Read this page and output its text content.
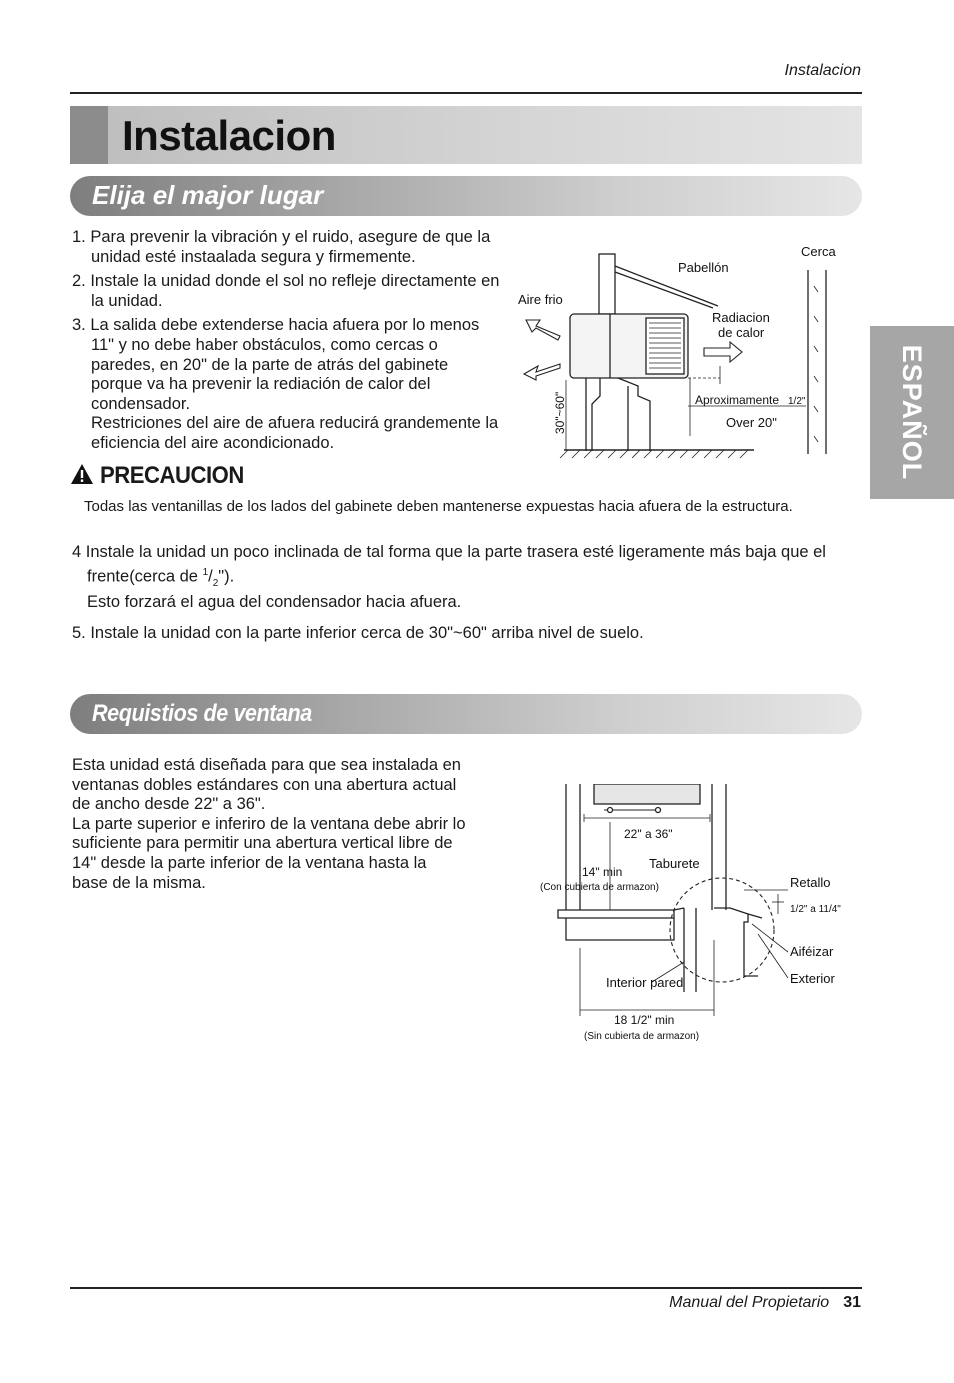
Instalacion
Instalacion
ESPAÑOL
Elija el major lugar
1. Para prevenir la vibración y el ruido, asegure de que la unidad esté instaalada segura y firmemente.
2. Instale la unidad donde el sol no refleje directamente en la unidad.
3. La salida debe extenderse hacia afuera por lo menos 11" y no debe haber obstáculos, como cercas o paredes, en 20" de la parte de atrás del gabinete porque va ha prevenir la rediación de calor del condensador.
Restriciones del aire de afuera reducirá grandemente la eficiencia del aire acondicionado.
Cerca
Pabellón
Aire frio
Radiacion
de calor
Aproximamente 1/2"
Over 20"
30"~60"
PRECAUCION
Todas las ventanillas de los lados del gabinete deben mantenerse expuestas hacia afuera de la estructura.
4 Instale la unidad un poco inclinada de tal forma que la parte trasera esté ligeramente más baja que el frente(cerca de $^1/_2$").
Esto forzará el agua del condensador hacia afuera.
5. Instale la unidad con la parte inferior cerca de 30"~60" arriba nivel de suelo.
Requistios de ventana
Esta unidad está diseñada para que sea instalada en
ventanas dobles estándares con una abertura actual
de ancho desde 22" a 36".
La parte superior e inferiro de la ventana debe abrir lo
suficiente para permitir una abertura vertical libre de
14" desde la parte inferior de la ventana hasta la
base de la misma.
22" a 36"
14" min
(Con cubierta de armazon)
Taburete
Retallo
1/2" a 11/4"
Aiféizar
Exterior
Interior pared
18 1/2" min
(Sin cubierta de armazon)
Manual del Propietario 31
